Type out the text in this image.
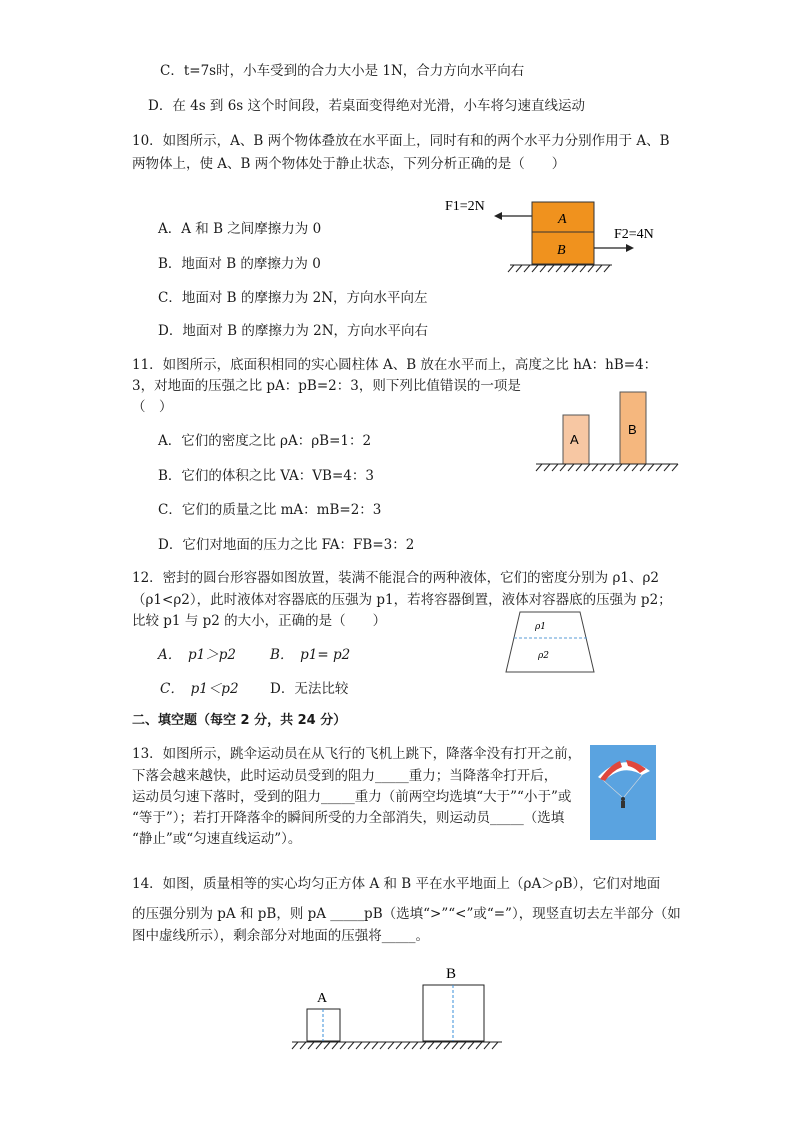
C．t=7s时，小车受到的合力大小是 1N，合力方向水平向右
D．在 4s 到 6s 这个时间段，若桌面变得绝对光滑，小车将匀速直线运动
10．如图所示，A、B 两个物体叠放在水平面上，同时有和的两个水平力分别作用于 A、B
两物体上，使 A、B 两个物体处于静止状态，下列分析正确的是（　　）
A．A 和 B 之间摩擦力为 0
B．地面对 B 的摩擦力为 0
C．地面对 B 的摩擦力为 2N，方向水平向左
D．地面对 B 的摩擦力为 2N，方向水平向右
F1=2N
A
B
F2=4N
11．如图所示，底面积相同的实心圆柱体 A、B 放在水平而上，高度之比 hA：hB=4：
3，对地面的压强之比 pA：pB=2：3，则下列比值错误的一项是
（　）
A．它们的密度之比 ρA：ρB=1：2
B．它们的体积之比 VA：VB=4：3
C．它们的质量之比 mA：mB=2：3
D．它们对地面的压力之比 FA：FB=3：2
A
B
12．密封的圆台形容器如图放置，装满不能混合的两种液体，它们的密度分别为 ρ1、ρ2
（ρ1<ρ2），此时液体对容器底的压强为 p1，若将容器倒置，液体对容器底的压强为 p2；
比较 p1 与 p2 的大小，正确的是（　　）
A．　p1＞p2	B．　p1= p2
C．　p1＜p2 D．无法比较
ρ1
ρ2
二、填空题（每空 2 分，共 24 分）
13．如图所示，跳伞运动员在从飞行的飞机上跳下，降落伞没有打开之前，
下落会越来越快，此时运动员受到的阻力_____重力；当降落伞打开后，
运动员匀速下落时，受到的阻力_____重力（前两空均选填“大于”“小于”或
“等于”）；若打开降落伞的瞬间所受的力全部消失，则运动员_____（选填
“静止”或“匀速直线运动”）。
14．如图，质量相等的实心均匀正方体 A 和 B 平在水平地面上（ρA＞ρB），它们对地面
的压强分别为 pA 和 pB，则 pA _____pB（选填“>”“<”或“=”），现竖直切去左半部分（如
图中虚线所示），剩余部分对地面的压强将_____。
A
B
